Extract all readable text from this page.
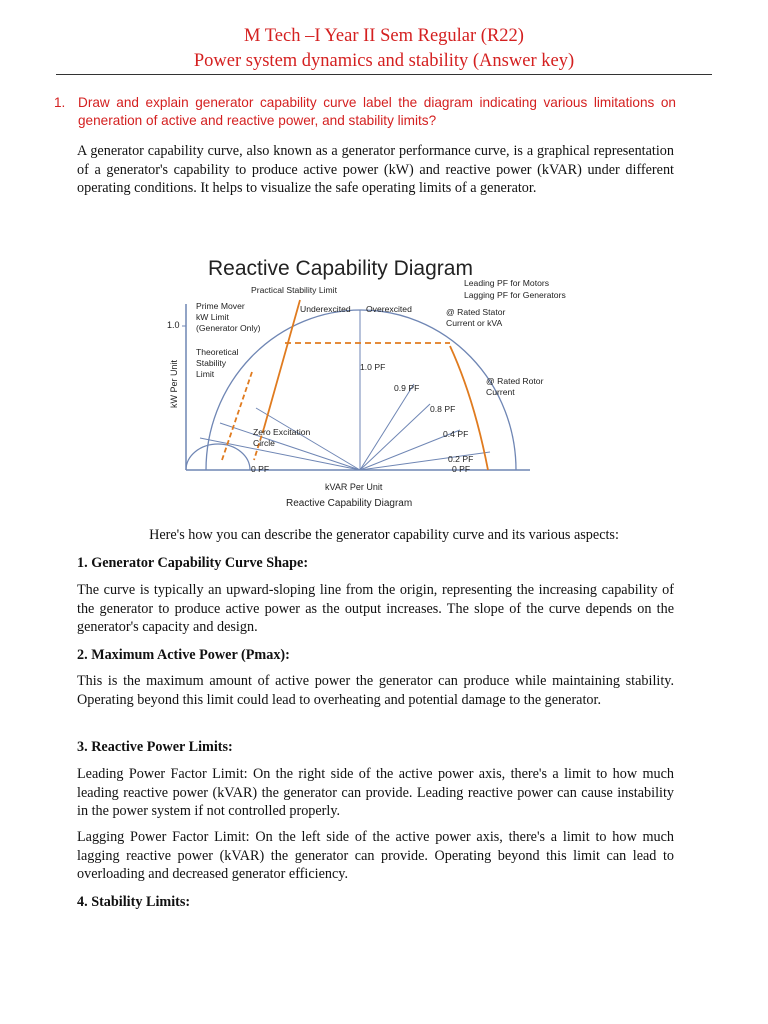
M Tech –I Year II Sem Regular (R22)
Power system dynamics and stability (Answer key)
1. Draw and explain generator capability curve label the diagram indicating various limitations on generation of active and reactive power, and stability limits?

A generator capability curve, also known as a generator performance curve, is a graphical representation of a generator's capability to produce active power (kW) and reactive power (kVAR) under different operating conditions. It helps to visualize the safe operating limits of a generator.

Reactive Capability Diagram
1.0
kW Per Unit
Practical Stability Limit
Leading PF for Motors
Lagging PF for Generators
Prime Mover
kW Limit
(Generator Only)
Underexcited Overexcited	@ Rated Stator
Current or kVA
Theoretical
Stability
Limit
@ Rated Rotor
Current
Zero Excitation
Circle
1.0 PF
0.9 PF
0.8 PF
0.4 PF
0.2 PF
0 PF
0 PF
kVAR Per Unit
Reactive Capability Diagram
Here's how you can describe the generator capability curve and its various aspects:
1. Generator Capability Curve Shape:

The curve is typically an upward-sloping line from the origin, representing the increasing capability of the generator to produce active power as the output increases. The slope of the curve depends on the generator's capacity and design.

2. Maximum Active Power (Pmax):

This is the maximum amount of active power the generator can produce while maintaining stability. Operating beyond this limit could lead to overheating and potential damage to the generator.

3. Reactive Power Limits:

Leading Power Factor Limit: On the right side of the active power axis, there's a limit to how much leading reactive power (kVAR) the generator can provide. Leading reactive power can cause instability in the power system if not controlled properly.

Lagging Power Factor Limit: On the left side of the active power axis, there's a limit to how much lagging reactive power (kVAR) the generator can provide. Operating beyond this limit can lead to overloading and decreased generator efficiency.

4. Stability Limits:
